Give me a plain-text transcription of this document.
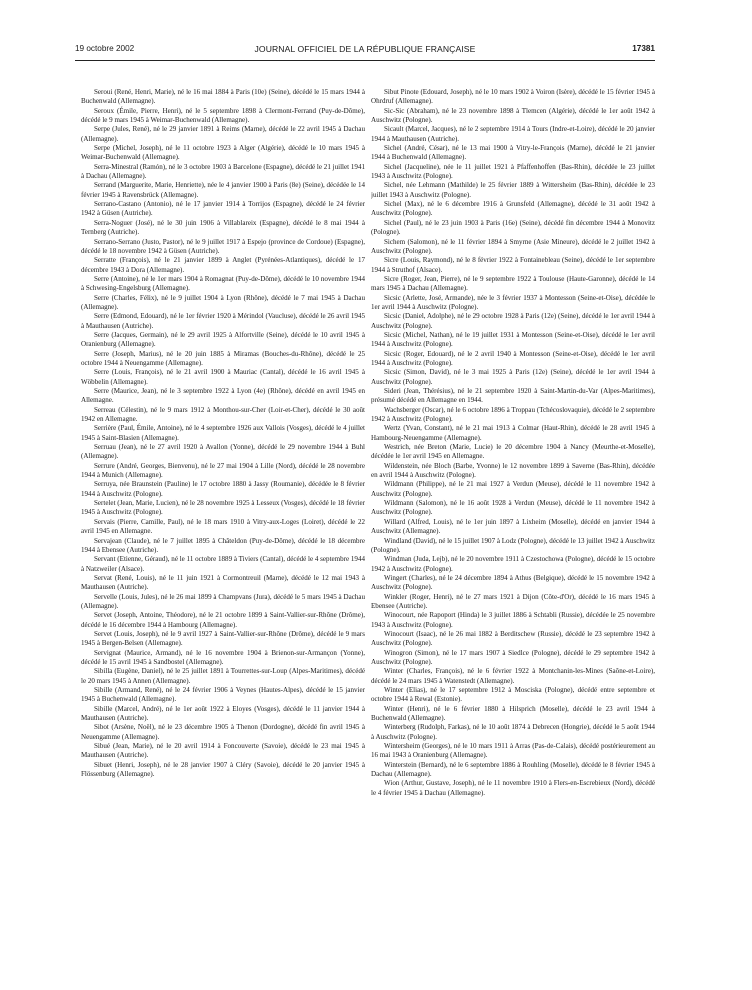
19 octobre 2002	JOURNAL OFFICIEL DE LA RÉPUBLIQUE FRANÇAISE	17381

Seroui (René, Henri, Marie), né le 16 mai 1884 à Paris (10e) (Seine), décédé le 15 mars 1944 à Buchenwald (Allemagne).

Seroux (Émile, Pierre, Henri), né le 5 septembre 1898 à Clermont-Ferrand (Puy-de-Dôme), décédé le 9 mars 1945 à Weimar-Buchenwald (Allemagne).

Serpe (Jules, René), né le 29 janvier 1891 à Reims (Marne), décédé le 22 avril 1945 à Dachau (Allemagne).

Serpe (Michel, Joseph), né le 11 octobre 1923 à Alger (Algérie), décédé le 10 mars 1945 à Weimar-Buchenwald (Allemagne).

Serra-Minestral (Ramón), né le 3 octobre 1903 à Barcelone (Espagne), décédé le 21 juillet 1941 à Dachau (Allemagne).

Serrand (Marguerite, Marie, Henriette), née le 4 janvier 1900 à Paris (8e) (Seine), décédée le 14 février 1945 à Ravensbrück (Allemagne).

Serrano-Castano (Antonio), né le 17 janvier 1914 à Torrijos (Espagne), décédé le 24 février 1942 à Güsen (Autriche).

Serra-Noguer (José), né le 30 juin 1906 à Villablareix (Espagne), décédé le 8 mai 1944 à Ternberg (Autriche).

Serrano-Serrano (Justo, Pastor), né le 9 juillet 1917 à Espejo (province de Cordoue) (Espagne), décédé le 18 novembre 1942 à Güsen (Autriche).

Serratte (François), né le 21 janvier 1899 à Anglet (Pyrénées-Atlantiques), décédé le 17 décembre 1943 à Dora (Allemagne).

Serre (Antoine), né le 1er mars 1904 à Romagnat (Puy-de-Dôme), décédé le 10 novembre 1944 à Schwesing-Engelsburg (Allemagne).

Serre (Charles, Félix), né le 9 juillet 1904 à Lyon (Rhône), décédé le 7 mai 1945 à Dachau (Allemagne).

Serre (Edmond, Edouard), né le 1er février 1920 à Mérindol (Vaucluse), décédé le 26 avril 1945 à Mauthausen (Autriche).

Serre (Jacques, Germain), né le 29 avril 1925 à Alfortville (Seine), décédé le 10 avril 1945 à Oranienburg (Allemagne).

Serre (Joseph, Marius), né le 20 juin 1885 à Miramas (Bouches-du-Rhône), décédé le 25 octobre 1944 à Neuengamme (Allemagne).

Serre (Louis, François), né le 21 avril 1900 à Mauriac (Cantal), décédé le 16 avril 1945 à Wöbbelin (Allemagne).

Serre (Maurice, Jean), né le 3 septembre 1922 à Lyon (4e) (Rhône), décédé en avril 1945 en Allemagne.

Serreau (Célestin), né le 9 mars 1912 à Monthou-sur-Cher (Loir-et-Cher), décédé le 30 août 1942 en Allemagne.

Serrière (Paul, Émile, Antoine), né le 4 septembre 1926 aux Vallois (Vosges), décédé le 4 juillet 1945 à Saint-Blasien (Allemagne).

Serruau (Jean), né le 27 avril 1920 à Avallon (Yonne), décédé le 29 novembre 1944 à Buhl (Allemagne).

Serrure (André, Georges, Bienvenu), né le 27 mai 1904 à Lille (Nord), décédé le 28 novembre 1944 à Munich (Allemagne).

Serruya, née Braunstein (Pauline) le 17 octobre 1880 à Jassy (Roumanie), décédée le 8 février 1944 à Auschwitz (Pologne).

Sertelet (Jean, Marie, Lucien), né le 28 novembre 1925 à Lesseux (Vosges), décédé le 18 février 1945 à Auschwitz (Pologne).

Servais (Pierre, Camille, Paul), né le 18 mars 1910 à Vitry-aux-Loges (Loiret), décédé le 22 avril 1945 en Allemagne.

Servajean (Claude), né le 7 juillet 1895 à Châteldon (Puy-de-Dôme), décédé le 18 décembre 1944 à Ebensee (Autriche).

Servant (Etienne, Géraud), né le 11 octobre 1889 à Tiviers (Cantal), décédé le 4 septembre 1944 à Natzweiler (Alsace).

Servat (René, Louis), né le 11 juin 1921 à Cormontreuil (Marne), décédé le 12 mai 1943 à Mauthausen (Autriche).

Servelle (Louis, Jules), né le 26 mai 1899 à Champvans (Jura), décédé le 5 mars 1945 à Dachau (Allemagne).

Servet (Joseph, Antoine, Théodore), né le 21 octobre 1899 à Saint-Vallier-sur-Rhône (Drôme), décédé le 16 décembre 1944 à Hambourg (Allemagne).

Servet (Louis, Joseph), né le 9 avril 1927 à Saint-Vallier-sur-Rhône (Drôme), décédé le 9 mars 1945 à Bergen-Belsen (Allemagne).

Servignat (Maurice, Armand), né le 16 novembre 1904 à Brienon-sur-Armançon (Yonne), décédé le 15 avril 1945 à Sandbostel (Allemagne).

Sibilla (Eugène, Daniel), né le 25 juillet 1891 à Tourrettes-sur-Loup (Alpes-Maritimes), décédé le 20 mars 1945 à Annen (Allemagne).

Sibille (Armand, René), né le 24 février 1906 à Veynes (Hautes-Alpes), décédé le 15 janvier 1945 à Buchenwald (Allemagne).

Sibille (Marcel, André), né le 1er août 1922 à Eloyes (Vosges), décédé le 11 janvier 1944 à Mauthausen (Autriche).

Sibot (Arsène, Noël), né le 23 décembre 1905 à Thenon (Dordogne), décédé fin avril 1945 à Neuengamme (Allemagne).

Sibué (Jean, Marie), né le 20 avril 1914 à Foncouverte (Savoie), décédé le 23 mai 1945 à Mauthausen (Autriche).

Sibuet (Henri, Joseph), né le 28 janvier 1907 à Cléry (Savoie), décédé le 20 janvier 1945 à Flössenburg (Allemagne).

Sibut Pinote (Edouard, Joseph), né le 10 mars 1902 à Voiron (Isère), décédé le 15 février 1945 à Ohrdruf (Allemagne).

Sic-Sic (Abraham), né le 23 novembre 1898 à Tlemcen (Algérie), décédé le 1er août 1942 à Auschwitz (Pologne).

Sicault (Marcel, Jacques), né le 2 septembre 1914 à Tours (Indre-et-Loire), décédé le 20 janvier 1944 à Mauthausen (Autriche).

Sichel (André, César), né le 13 mai 1900 à Vitry-le-François (Marne), décédé le 21 janvier 1944 à Buchenwald (Allemagne).

Sichel (Jacqueline), née le 11 juillet 1921 à Pfaffenhoffen (Bas-Rhin), décédée le 23 juillet 1943 à Auschwitz (Pologne).

Sichel, née Lehmann (Mathilde) le 25 février 1889 à Wittersheim (Bas-Rhin), décédée le 23 juillet 1943 à Auschwitz (Pologne).

Sichel (Max), né le 6 décembre 1916 à Grunsfeld (Allemagne), décédé le 31 août 1942 à Auschwitz (Pologne).

Sichel (Paul), né le 23 juin 1903 à Paris (16e) (Seine), décédé fin décembre 1944 à Monovitz (Pologne).

Sichem (Salomon), né le 11 février 1894 à Smyrne (Asie Mineure), décédé le 2 juillet 1942 à Auschwitz (Pologne).

Sicre (Louis, Raymond), né le 8 février 1922 à Fontainebleau (Seine), décédé le 1er septembre 1944 à Struthof (Alsace).

Sicre (Roger, Jean, Pierre), né le 9 septembre 1922 à Toulouse (Haute-Garonne), décédé le 14 mars 1945 à Dachau (Allemagne).

Sicsic (Arlette, José, Armande), née le 3 février 1937 à Montesson (Seine-et-Oise), décédée le 1er avril 1944 à Auschwitz (Pologne).

Sicsic (Daniel, Adolphe), né le 29 octobre 1928 à Paris (12e) (Seine), décédé le 1er avril 1944 à Auschwitz (Pologne).

Sicsic (Michel, Nathan), né le 19 juillet 1931 à Montesson (Seine-et-Oise), décédé le 1er avril 1944 à Auschwitz (Pologne).

Sicsic (Roger, Edouard), né le 2 avril 1940 à Montesson (Seine-et-Oise), décédé le 1er avril 1944 à Auschwitz (Pologne).

Sicsic (Simon, David), né le 3 mai 1925 à Paris (12e) (Seine), décédé le 1er avril 1944 à Auschwitz (Pologne).

Sideri (Jean, Thérésius), né le 21 septembre 1920 à Saint-Martin-du-Var (Alpes-Maritimes), présumé décédé en Allemagne en 1944.

Wachsberger (Oscar), né le 6 octobre 1896 à Troppau (Tchécoslovaquie), décédé le 2 septembre 1942 à Auschwitz (Pologne).

Wertz (Yvan, Constant), né le 21 mai 1913 à Colmar (Haut-Rhin), décédé le 28 avril 1945 à Hambourg-Neuengamme (Allemagne).

Westrich, née Breton (Marie, Lucie) le 20 décembre 1904 à Nancy (Meurthe-et-Moselle), décédée le 1er avril 1945 en Allemagne.

Wildenstein, née Bloch (Barbe, Yvonne) le 12 novembre 1899 à Saverne (Bas-Rhin), décédée en avril 1944 à Auschwitz (Pologne).

Wildmann (Philippe), né le 21 mai 1927 à Verdun (Meuse), décédé le 11 novembre 1942 à Auschwitz (Pologne).

Wildmann (Salomon), né le 16 août 1928 à Verdun (Meuse), décédé le 11 novembre 1942 à Auschwitz (Pologne).

Willard (Alfred, Louis), né le 1er juin 1897 à Lixheim (Moselle), décédé en janvier 1944 à Auschwitz (Allemagne).

Windland (David), né le 15 juillet 1907 à Lodz (Pologne), décédé le 13 juillet 1942 à Auschwitz (Pologne).

Windman (Juda, Lejb), né le 20 novembre 1911 à Czestochowa (Pologne), décédé le 15 octobre 1942 à Auschwitz (Pologne).

Wingert (Charles), né le 24 décembre 1894 à Athus (Belgique), décédé le 15 novembre 1942 à Auschwitz (Pologne).

Winkler (Roger, Henri), né le 27 mars 1921 à Dijon (Côte-d'Or), décédé le 16 mars 1945 à Ebensee (Autriche).

Winocourt, née Rapoport (Hinda) le 3 juillet 1886 à Schtabli (Russie), décédée le 25 novembre 1943 à Auschwitz (Pologne).

Winocourt (Isaac), né le 26 mai 1882 à Berditschew (Russie), décédé le 23 septembre 1942 à Auschwitz (Pologne).

Winogron (Simon), né le 17 mars 1907 à Siedlce (Pologne), décédé le 29 septembre 1942 à Auschwitz (Pologne).

Winter (Charles, François), né le 6 février 1922 à Montchanin-les-Mines (Saône-et-Loire), décédé le 24 mars 1945 à Watenstedt (Allemagne).

Winter (Elias), né le 17 septembre 1912 à Mosciska (Pologne), décédé entre septembre et octobre 1944 à Rewal (Estonie).

Winter (Henri), né le 6 février 1880 à Hilsprich (Moselle), décédé le 23 avril 1944 à Buchenwald (Allemagne).

Winterberg (Rudolph, Farkas), né le 10 août 1874 à Debrecen (Hongrie), décédé le 5 août 1944 à Auschwitz (Pologne).

Wintersheim (Georges), né le 10 mars 1911 à Arras (Pas-de-Calais), décédé postérieurement au 16 mai 1943 à Oranienburg (Allemagne).

Winterstein (Bernard), né le 6 septembre 1886 à Rouhling (Moselle), décédé le 8 février 1945 à Dachau (Allemagne).

Wion (Arthur, Gustave, Joseph), né le 11 novembre 1910 à Flers-en-Escrebieux (Nord), décédé le 4 février 1945 à Dachau (Allemagne).
